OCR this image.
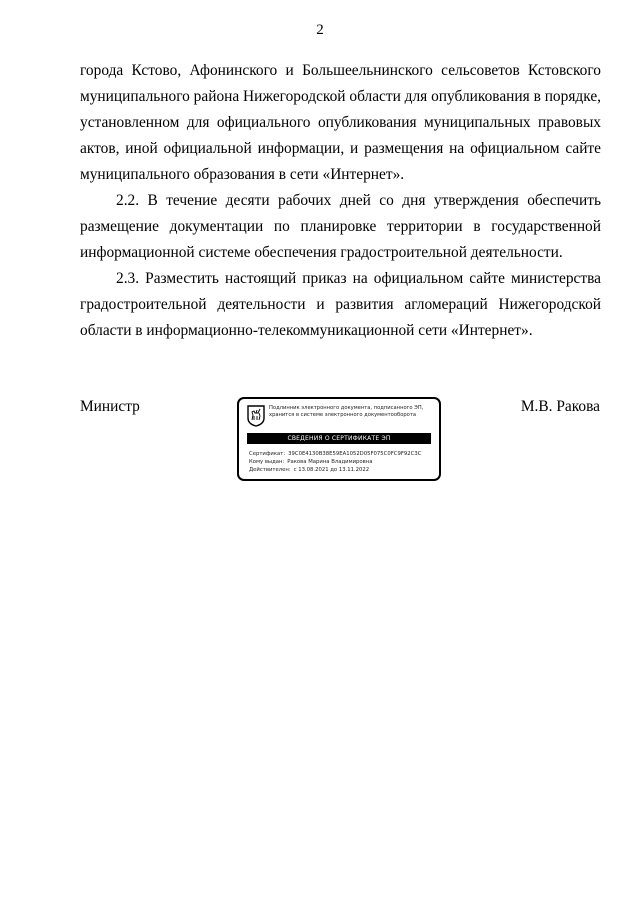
2

города Кстово, Афонинского и Большеельнинского сельсоветов Кстовского муниципального района Нижегородской области для опубликования в порядке, установленном для официального опубликования муниципальных правовых актов, иной официальной информации, и размещения на официальном сайте муниципального образования в сети «Интернет».

2.2. В течение десяти рабочих дней со дня утверждения обеспечить размещение документации по планировке территории в государственной информационной системе обеспечения градостроительной деятельности.

2.3. Разместить настоящий приказ на официальном сайте министерства градостроительной деятельности и развития агломераций Нижегородской области в информационно-телекоммуникационной сети «Интернет».

Министр	Подлинник электронного документа, подписанного ЭП, хранится в системе электронного документооборота
СВЕДЕНИЯ О СЕРТИФИКАТЕ ЭП
Сертификат: 39C0E4130B38E59EA1052D05F075C0FC9F92C3C
Кому выдан: Ракова Марина Владимировна
Действителен: с 13.08.2021 до 13.11.2022
М.В. Ракова
